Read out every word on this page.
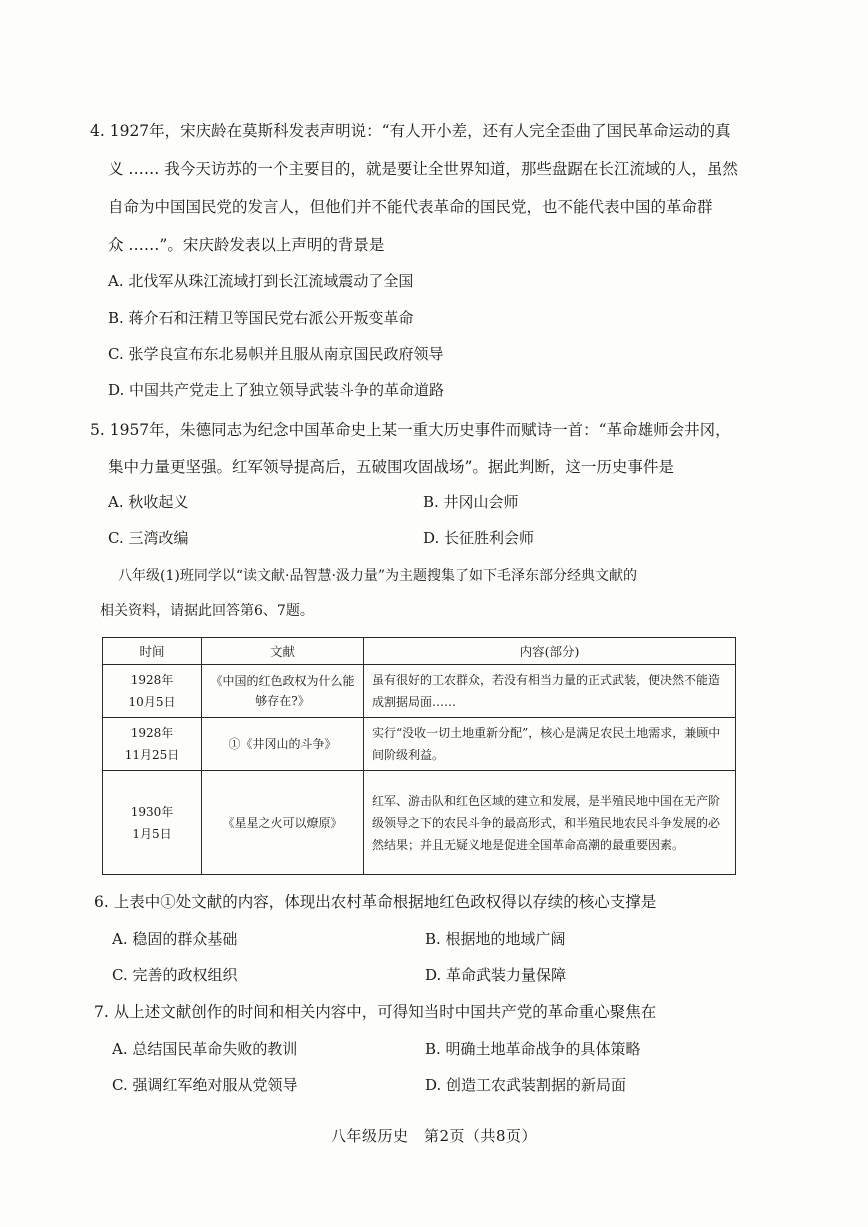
4. 1927年，宋庆龄在莫斯科发表声明说：“有人开小差，还有人完全歪曲了国民革命运动的真
义 …… 我今天访苏的一个主要目的，就是要让全世界知道，那些盘踞在长江流域的人，虽然
自命为中国国民党的发言人，但他们并不能代表革命的国民党，也不能代表中国的革命群
众 ……”。宋庆龄发表以上声明的背景是
A. 北伐军从珠江流域打到长江流域震动了全国
B. 蒋介石和汪精卫等国民党右派公开叛变革命
C. 张学良宣布东北易帜并且服从南京国民政府领导
D. 中国共产党走上了独立领导武装斗争的革命道路
5. 1957年，朱德同志为纪念中国革命史上某一重大历史事件而赋诗一首：“革命雄师会井冈，
集中力量更坚强。红军领导提高后，五破围攻固战场”。据此判断，这一历史事件是
A. 秋收起义	B. 井冈山会师
C. 三湾改编	D. 长征胜利会师
八年级(1)班同学以“读文献·品智慧·汲力量”为主题搜集了如下毛泽东部分经典文献的
相关资料，请据此回答第6、7题。
时间	文献	内容(部分)

1928年
10月5日	《中国的红色政权为什么能够存在?》	虽有很好的工农群众，若没有相当力量的正式武装，便决然不能造成割据局面……

1928年
11月25日	①《井冈山的斗争》	实行“没收一切土地重新分配”，核心是满足农民土地需求，兼顾中间阶级利益。

1930年
1月5日	《星星之火可以燎原》	红军、游击队和红色区域的建立和发展，是半殖民地中国在无产阶级领导之下的农民斗争的最高形式，和半殖民地农民斗争发展的必然结果；并且无疑义地是促进全国革命高潮的最重要因素。
6. 上表中①处文献的内容，体现出农村革命根据地红色政权得以存续的核心支撑是
A. 稳固的群众基础	B. 根据地的地域广阔
C. 完善的政权组织	D. 革命武装力量保障
7. 从上述文献创作的时间和相关内容中，可得知当时中国共产党的革命重心聚焦在
A. 总结国民革命失败的教训	B. 明确土地革命战争的具体策略
C. 强调红军绝对服从党领导	D. 创造工农武装割据的新局面
八年级历史　第2页（共8页）
